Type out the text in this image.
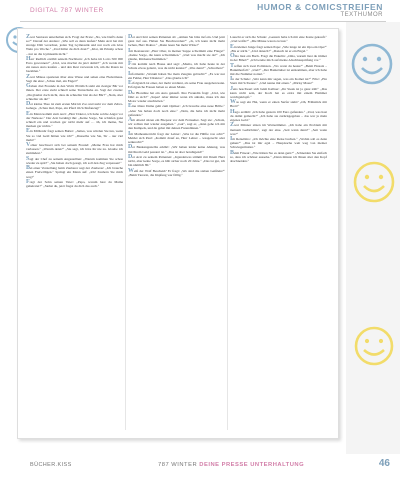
DIGITAL 787 WINTER	HUMOR & COMICSTREIFEN
TEXTHUMOR

Zwei Senioren unterhalten sich. Fragt der Erste: „Na, wie läuft's denn so?“ Darauf der Andere: „Wie soll es denn laufen? Mein Arzt hat mir strenge Diät verordnet, jeden Tag Gymnastik und nur noch ein Glas Wein pro Woche.“ „Und hältst du dich dran?“ „Klar, im Prinzip schon – nur an die Gymnastik nicht.“

Herr Redlich erzählt seinem Nachbarn: „Ich habe im Lotto 500 000 Euro gewonnen!“ „Und, was machst du jetzt damit?“ „Ich werde mir ein neues Auto kaufen – und den Rest verwende ich, um die Raten zu bezahlen.“

Zwei Mäuse spazieren über eine Wiese und sehen eine Fledermaus. Sagt die eine: „Schau mal, ein Engel!“

Gehen drei Freunde in den Wald. Plötzlich steht ein riesiger Bär vor ihnen. Der erste zieht schnell seine Turnschuhe an. Sagt der zweite: „Du glaubst doch nicht, dass du schneller bist als der Bär?“ „Nein, aber schneller als du!“

Der kleine Theo ist zum ersten Mal im Zoo und steht vor dem Zebra-Gehege. „Schau mal, Papa, ein Pferd im Schlafanzug!“

Ein Mann kommt zum Arzt: „Herr Doktor, ich habe solche Angst vor der Narkose.“ Der Arzt beruhigt ihn: „Keine Sorge, Sie schlafen ganz schnell ein und wachen gar nicht mehr auf … äh, ich meine, Sie merken gar nichts.“

Ein Millionär fragt seinen Butler: „James, was würden Sie tun, wenn Sie so viel Geld hätten wie ich?“ „Dasselbe wie Sie, Sir – nur viel mehr!“

Volker beschwert sich bei seinem Freund: „Meine Frau hat mich verlassen.“ „Warum denn?“ „Sie sagt, ich höre ihr nie zu. Glaube ich zumindest.“

Sagt der Chef zu seinem Angestellten: „Warum kommen Sie schon wieder zu spät?“ „Sie haben doch gesagt, ich soll den Zug verpassen!“

Bei einer Vorstellung beim Zauberer sagt der Zauberer: „Ich brauche einen Freiwilligen.“ Springt ein Mann auf: „Ich! Zaubern Sie mich weg!“

Fragt der Sohn seinen Vater: „Papa, warum hast du Mama geheiratet?“ „Siehst du, jetzt fragst du dich das auch.“

Der Arzt hört seinen Patienten ab: „Atmen Sie bitte tief ein. Und jetzt ganz tief aus. Haben Sie Beschwerden?“ „Ja, ich kann nicht mehr lachen, Herr Doktor.“ „Dann lesen Sie mehr Witze!“

Im Restaurant: „Herr Ober, in meiner Suppe schwimmt eine Fliege!“ „Keine Sorge, die kann schwimmen.“ „Und was macht sie da?“ „Ich glaube, Rückenschwimmen.“

Fritz kommt nach Hause und sagt: „Mama, ich habe heute in der Schule etwas gelernt, was du nicht kannst!“ „Was denn?“ „Schreiben!“

Informatik: „Warum haben Sie mein Zeugnis gelöscht?“ „Es war nur ein Fehler, Herr Direktor.“ „Das glaube ich!“

Erfolgreich ist einer, der mehr verdient, als seine Frau ausgeben kann. Erfolgreiche Frauen haben so einen Mann.

Die Blondine hat ein Auto gekauft. Ihre Freundin fragt: „Und, wie fährt es sich?“ „Super! Aber immer wenn ich anhalte, muss ich den Motor wieder anschieben.“

Eine ältere Dame geht zum Optiker: „Ich brauche eine neue Brille.“ „Aber Sie haben doch noch eine.“ „Nein, die habe ich nicht mehr gefunden.“

Am Abend sitzen ein Ehepaar vor dem Fernseher. Sagt sie: „Schatz, wir sollten mal wieder ausgehen.“ „Gut“, sagt er, „dann gehe ich mit den Kumpels, und du gehst mit deinen Freundinnen.“

Im Matheunterricht fragt der Lehrer: „Was ist die Hälfte von acht?“ Meldet sich Paul: „Kommt drauf an, Herr Lehrer – waagerecht oder senkrecht?“

Der Bankangestellte erklärt: „Wir haben leider keine Ahnung, was mit Ihrem Geld passiert ist.“ „Das ist aber beruhigend!“

Der Arzt zu seinem Patienten: „Irgendetwas stimmt mit Ihrem Herz nicht, aber keine Sorge, es hält sicher noch 20 Jahre.“ „Das ist gut, ich bin nämlich 80.“

Weiß der Wolf Bescheid? Er fragt: „Wo sind die sieben Geißlein?“ „Beim Tierarzt, die Impfung war fällig.“

Lauscht er sich die Schule: „Gestern habe ich mir eine Katze gekauft.“ „Und wofür?“ „Die Mäuse waren zu laut.“

Ein kleiner Junge fragt seinen Papa: „Wie lange ist ein Opa ein Opa?“ „Bis er stirbt.“ „Und danach?“ „Danach ist er ein Engel.“

Oma liest ein Buch. Fragt die Enkelin: „Oma, warum liest du immer in der Bibel?“ „Ich bereite mich auf meine Abschlussprüfung vor.“

Treffen sich zwei Polizisten. „Wo warst du heute?“ „Beim Einsatz – Banküberfall.“ „Und?“ „Der Bankräuber ist entkommen, aber ich habe mir die Nummer notiert.“

In der Schule: „Wer kann mir sagen, was ein Komet ist?“ Fritz: „Ein Stern mit Schwanz.“ „Und nenne mir einen.“ „Micky Maus!“

Jens beschwert sich beim Kellner: „Ihr Steak ist ja ganz zäh!“ „Das kann nicht sein, der Koch hat es extra mit einem Hammer weichgeklopft.“

Was sagt ein Hai, wenn er einen Surfer sieht? „Oh, Frühstück mit Brett!“

Hugo erzählt: „Ich habe gestern 100 Euro gefunden.“ „Und, was hast du damit gemacht?“ „Ich habe sie zurückgegeben – das war ja mein eigenes Geld.“

Zwei Männer sitzen im Wartezimmer. „Ich habe ein Problem mit meinem Gedächtnis“, sagt der eine. „Seit wann denn?“ „Seit wann was?“

Im Reisebüro: „Ich möchte eine Reise buchen.“ „Wohin soll es denn gehen?“ „Das ist mir egal – Hauptsache weit weg von meiner Schwiegermutter.“

Beim Friseur: „Wie hätten Sie es denn gern?“ „Schneiden Sie einfach so, dass ich schöner aussehe.“ „Dann müsste ich Ihnen aber den Kopf abschneiden.“

BÜCHER.KISS	787 WINTER DEINE PRESSE UNTERHALTUNG	46
